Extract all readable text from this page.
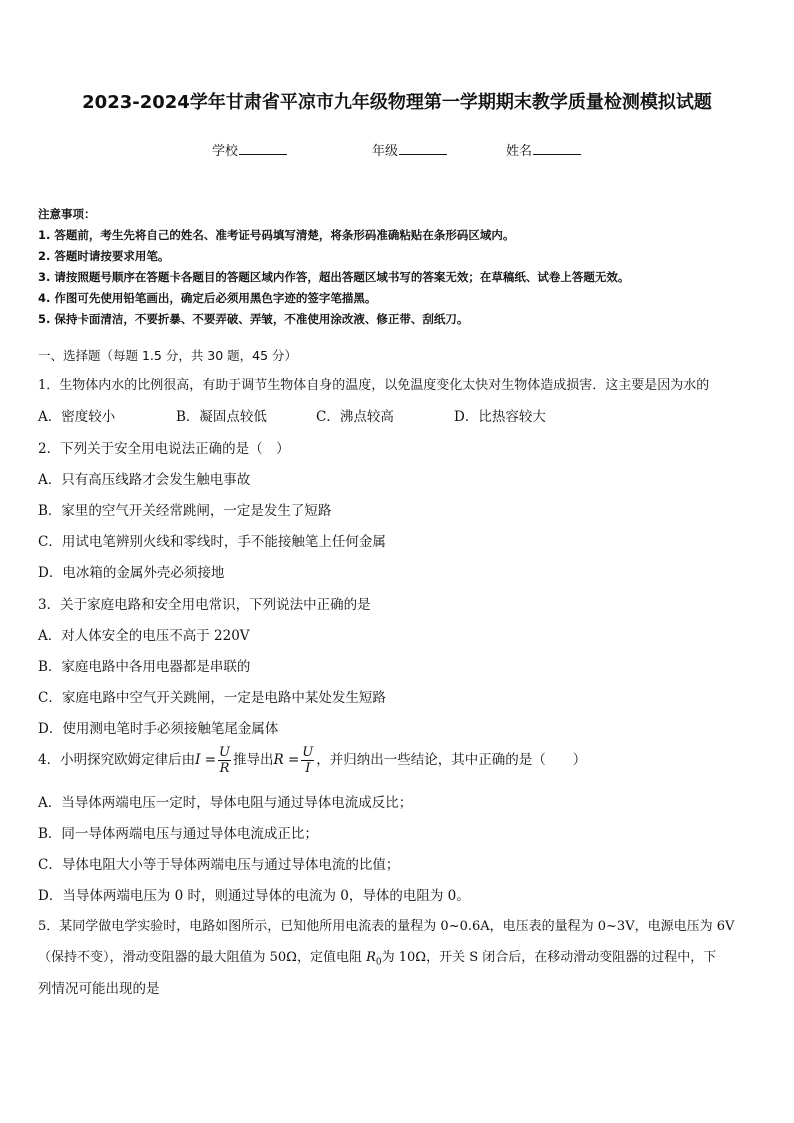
2023-2024学年甘肃省平凉市九年级物理第一学期期末教学质量检测模拟试题
学校	年级	姓名
注意事项：
1. 答题前，考生先将自己的姓名、准考证号码填写清楚，将条形码准确粘贴在条形码区域内。
2. 答题时请按要求用笔。
3. 请按照题号顺序在答题卡各题目的答题区域内作答，超出答题区域书写的答案无效；在草稿纸、试卷上答题无效。
4. 作图可先使用铅笔画出，确定后必须用黑色字迹的签字笔描黑。
5. 保持卡面清洁，不要折暴、不要弄破、弄皱，不准使用涂改液、修正带、刮纸刀。
一、选择题（每题 1.5 分，共 30 题，45 分）
1．生物体内水的比例很高，有助于调节生物体自身的温度，以免温度变化太快对生物体造成损害．这主要是因为水的
A．密度较小	B．凝固点较低	C．沸点较高	D．比热容较大
2．下列关于安全用电说法正确的是（　）
A．只有高压线路才会发生触电事故
B．家里的空气开关经常跳闸，一定是发生了短路
C．用试电笔辨别火线和零线时，手不能接触笔上任何金属
D．电冰箱的金属外壳必须接地
3．关于家庭电路和安全用电常识，下列说法中正确的是
A．对人体安全的电压不高于 220V
B．家庭电路中各用电器都是串联的
C．家庭电路中空气开关跳闸，一定是电路中某处发生短路
D．使用测电笔时手必须接触笔尾金属体
4．小明探究欧姆定律后由$I = \frac{U}{R}$ 推导出$R = \frac{U}{I}$ ，并归纳出一些结论，其中正确的是（　　）
A．当导体两端电压一定时，导体电阻与通过导体电流成反比；
B．同一导体两端电压与通过导体电流成正比；
C．导体电阻大小等于导体两端电压与通过导体电流的比值；
D．当导体两端电压为 0 时，则通过导体的电流为 0，导体的电阻为 0。
5．某同学做电学实验时，电路如图所示，已知他所用电流表的量程为 0~0.6A，电压表的量程为 0~3V，电源电压为 6V
（保持不变），滑动变阻器的最大阻值为 50Ω，定值电阻 $R_0$为 10Ω，开关 S 闭合后，在移动滑动变阻器的过程中，下
列情况可能出现的是
